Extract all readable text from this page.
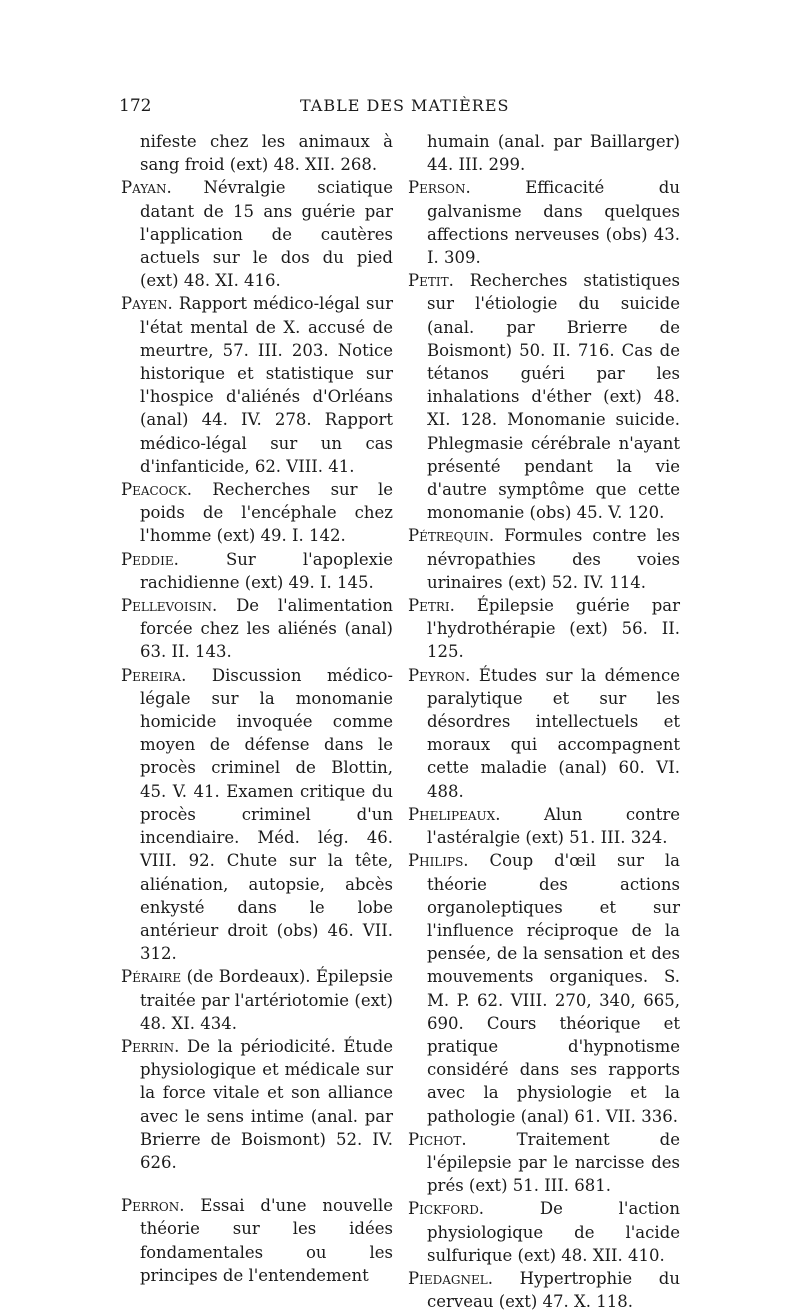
172	TABLE DES MATIÈRES

nifeste chez les animaux à sang froid (ext) 48. XII. 268.

Payan. Névralgie sciatique datant de 15 ans guérie par l'application de cautères actuels sur le dos du pied (ext) 48. XI. 416.

Payen. Rapport médico-légal sur l'état mental de X. accusé de meurtre, 57. III. 203. Notice historique et statistique sur l'hospice d'aliénés d'Orléans (anal) 44. IV. 278. Rapport médico-légal sur un cas d'infanticide, 62. VIII. 41.

Peacock. Recherches sur le poids de l'encéphale chez l'homme (ext) 49. I. 142.

Peddie.	Sur l'apoplexie rachidienne (ext) 49. I. 145.

Pellevoisin. De l'alimentation forcée chez les aliénés (anal) 63. II. 143.

Pereira. Discussion médico-légale sur la monomanie homicide invoquée comme moyen de défense dans le procès criminel de Blottin, 45. V. 41. Examen critique du procès criminel d'un incendiaire. Méd. lég. 46. VIII. 92. Chute sur la tête, aliénation, autopsie, abcès enkysté dans le lobe antérieur droit (obs) 46. VII. 312.

Péraire (de Bordeaux). Épilepsie traitée par l'artériotomie (ext) 48. XI. 434.

Perrin. De la périodicité. Étude physiologique et médicale sur la force vitale et son alliance avec le sens intime (anal. par Brierre de Boismont) 52. IV. 626.

Perron. Essai d'une nouvelle théorie sur les idées fondamentales ou les principes de l'entendement

humain (anal. par Baillarger) 44. III. 299.

Person.	Efficacité du galvanisme dans quelques affections nerveuses (obs) 43. I. 309.

Petit. Recherches statistiques sur l'étiologie du suicide (anal. par Brierre de Boismont) 50. II. 716. Cas de tétanos guéri par les inhalations d'éther (ext) 48. XI. 128. Monomanie suicide. Phlegmasie cérébrale n'ayant présenté pendant la vie d'autre symptôme que cette monomanie (obs) 45. V. 120.

Pétrequin. Formules contre les névropathies des voies urinaires (ext) 52. IV. 114.

Petri. Épilepsie guérie par l'hydrothérapie (ext) 56. II. 125.

Peyron. Études sur la démence paralytique et sur les désordres intellectuels et moraux qui accompagnent cette maladie (anal) 60. VI. 488.

Phelipeaux.	Alun contre l'astéralgie (ext) 51. III. 324.

Philips. Coup d'œil sur la théorie des actions organoleptiques et sur l'influence réciproque de la pensée, de la sensation et des mouvements organiques. S. M. P. 62. VIII. 270, 340, 665, 690. Cours théorique et pratique d'hypnotisme considéré dans ses rapports avec la physiologie et la pathologie (anal) 61. VII. 336.

Pichot.	Traitement de l'épilepsie par le narcisse des prés (ext) 51. III. 681.

Pickford.	De l'action physiologique de l'acide sulfurique (ext) 48. XII. 410.

Piedagnel. Hypertrophie du cerveau (ext) 47. X. 118.
